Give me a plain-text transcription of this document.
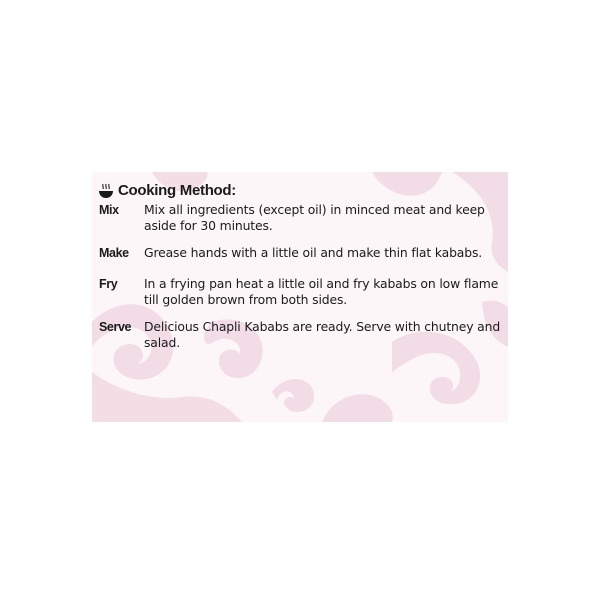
Cooking Method:
Mix Mix all ingredients (except oil) in minced meat and keep aside for 30 minutes.
Make Grease hands with a little oil and make thin flat kababs.
Fry In a frying pan heat a little oil and fry kababs on low flame till golden brown from both sides.
Serve Delicious Chapli Kababs are ready. Serve with chutney and salad.
